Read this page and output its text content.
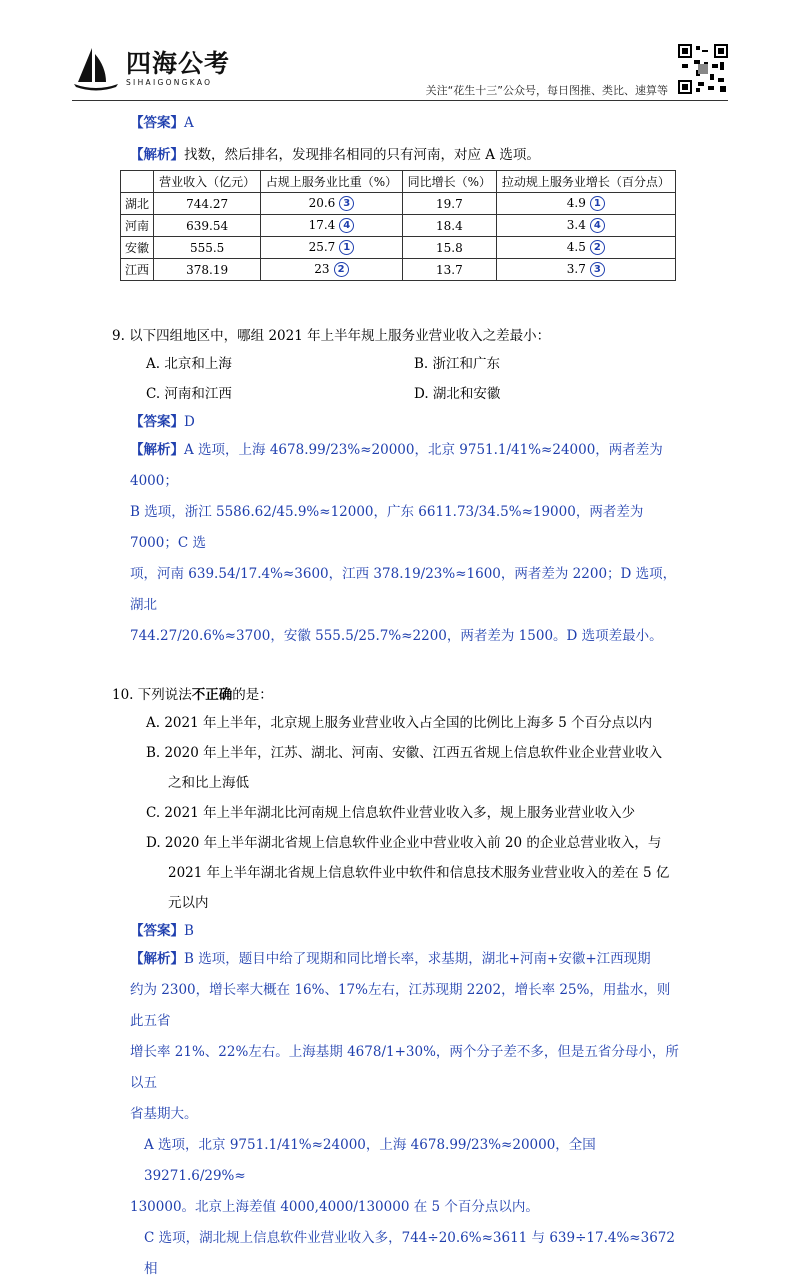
四海公考
SIHAIGONGKAO
关注“花生十三”公众号，每日图推、类比、速算等
【答案】A
【解析】找数，然后排名，发现排名相同的只有河南，对应 A 选项。
	营业收入（亿元）	占规上服务业比重（%）	同比增长（%）	拉动规上服务业增长（百分点）
湖北	744.27	20.6 3	19.7	4.9 1
河南	639.54	17.4 4	18.4	3.4 4
安徽	555.5	25.7 1	15.8	4.5 2
江西	378.19	23 2	13.7	3.7 3
9. 以下四组地区中，哪组 2021 年上半年规上服务业营业收入之差最小：
A. 北京和上海	B. 浙江和广东
C. 河南和江西	D. 湖北和安徽
【答案】D
【解析】A 选项，上海 4678.99/23%≈20000，北京 9751.1/41%≈24000，两者差为 4000；
B 选项，浙江 5586.62/45.9%≈12000，广东 6611.73/34.5%≈19000，两者差为 7000；C 选
项，河南 639.54/17.4%≈3600，江西 378.19/23%≈1600，两者差为 2200；D 选项，湖北
744.27/20.6%≈3700，安徽 555.5/25.7%≈2200，两者差为 1500。D 选项差最小。
10. 下列说法不正确的是：
A. 2021 年上半年，北京规上服务业营业收入占全国的比例比上海多 5 个百分点以内
B. 2020 年上半年，江苏、湖北、河南、安徽、江西五省规上信息软件业企业营业收入
之和比上海低
C. 2021 年上半年湖北比河南规上信息软件业营业收入多，规上服务业营业收入少
D. 2020 年上半年湖北省规上信息软件业企业中营业收入前 20 的企业总营业收入，与
2021 年上半年湖北省规上信息软件业中软件和信息技术服务业营业收入的差在 5 亿
元以内
【答案】B
【解析】B 选项，题目中给了现期和同比增长率，求基期，湖北+河南+安徽+江西现期
约为 2300，增长率大概在 16%、17%左右，江苏现期 2202，增长率 25%，用盐水，则此五省
增长率 21%、22%左右。上海基期 4678/1+30%，两个分子差不多，但是五省分母小，所以五
省基期大。
A 选项，北京 9751.1/41%≈24000，上海 4678.99/23%≈20000，全国 39271.6/29%≈
130000。北京上海差值 4000,4000/130000 在 5 个百分点以内。
C 选项，湖北规上信息软件业营业收入多，744÷20.6%≈3611 与 639÷17.4%≈3672 相
